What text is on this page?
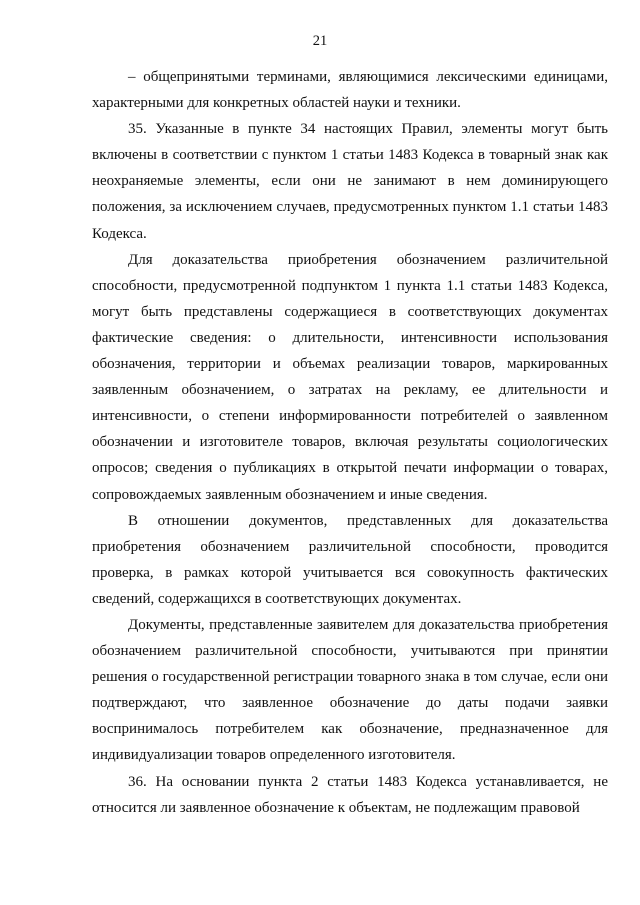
21

– общепринятыми терминами, являющимися лексическими единицами, характерными для конкретных областей науки и техники.

35. Указанные в пункте 34 настоящих Правил, элементы могут быть включены в соответствии с пунктом 1 статьи 1483 Кодекса в товарный знак как неохраняемые элементы, если они не занимают в нем доминирующего положения, за исключением случаев, предусмотренных пунктом 1.1 статьи 1483 Кодекса.

Для доказательства приобретения обозначением различительной способности, предусмотренной подпунктом 1 пункта 1.1 статьи 1483 Кодекса, могут быть представлены содержащиеся в соответствующих документах фактические сведения: о длительности, интенсивности использования обозначения, территории и объемах реализации товаров, маркированных заявленным обозначением, о затратах на рекламу, ее длительности и интенсивности, о степени информированности потребителей о заявленном обозначении и изготовителе товаров, включая результаты социологических опросов; сведения о публикациях в открытой печати информации о товарах, сопровождаемых заявленным обозначением и иные сведения.

В отношении документов, представленных для доказательства приобретения обозначением различительной способности, проводится проверка, в рамках которой учитывается вся совокупность фактических сведений, содержащихся в соответствующих документах.

Документы, представленные заявителем для доказательства приобретения обозначением различительной способности, учитываются при принятии решения о государственной регистрации товарного знака в том случае, если они подтверждают, что заявленное обозначение до даты подачи заявки воспринималось потребителем как обозначение, предназначенное для индивидуализации товаров определенного изготовителя.

36. На основании пункта 2 статьи 1483 Кодекса устанавливается, не относится ли заявленное обозначение к объектам, не подлежащим правовой
